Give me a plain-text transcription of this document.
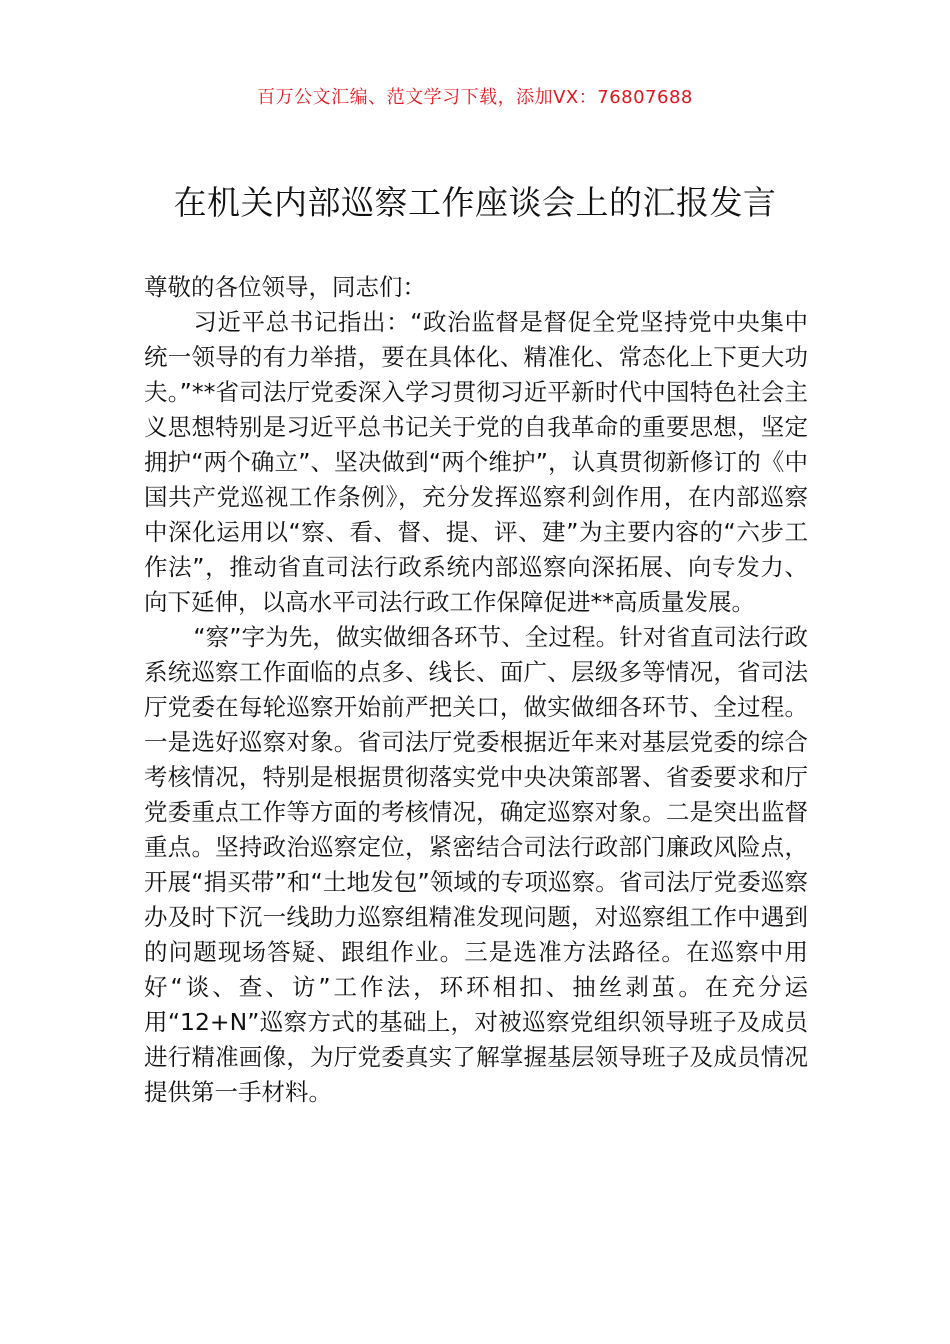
百万公文汇编、范文学习下载，添加VX：76807688
在机关内部巡察工作座谈会上的汇报发言

尊敬的各位领导，同志们：

习近平总书记指出：“政治监督是督促全党坚持党中央集中统一领导的有力举措，要在具体化、精准化、常态化上下更大功夫。”**省司法厅党委深入学习贯彻习近平新时代中国特色社会主义思想特别是习近平总书记关于党的自我革命的重要思想，坚定拥护“两个确立”、坚决做到“两个维护”，认真贯彻新修订的《中国共产党巡视工作条例》，充分发挥巡察利剑作用，在内部巡察中深化运用以“察、看、督、提、评、建”为主要内容的“六步工作法”，推动省直司法行政系统内部巡察向深拓展、向专发力、向下延伸，以高水平司法行政工作保障促进**高质量发展。

“察”字为先，做实做细各环节、全过程。针对省直司法行政系统巡察工作面临的点多、线长、面广、层级多等情况，省司法厅党委在每轮巡察开始前严把关口，做实做细各环节、全过程。一是选好巡察对象。省司法厅党委根据近年来对基层党委的综合考核情况，特别是根据贯彻落实党中央决策部署、省委要求和厅党委重点工作等方面的考核情况，确定巡察对象。二是突出监督重点。坚持政治巡察定位，紧密结合司法行政部门廉政风险点，开展“捐买带”和“土地发包”领域的专项巡察。省司法厅党委巡察办及时下沉一线助力巡察组精准发现问题，对巡察组工作中遇到的问题现场答疑、跟组作业。三是选准方法路径。在巡察中用好“谈、查、访”工作法，环环相扣、抽丝剥茧。在充分运用“12+N”巡察方式的基础上，对被巡察党组织领导班子及成员进行精准画像，为厅党委真实了解掌握基层领导班子及成员情况提供第一手材料。
